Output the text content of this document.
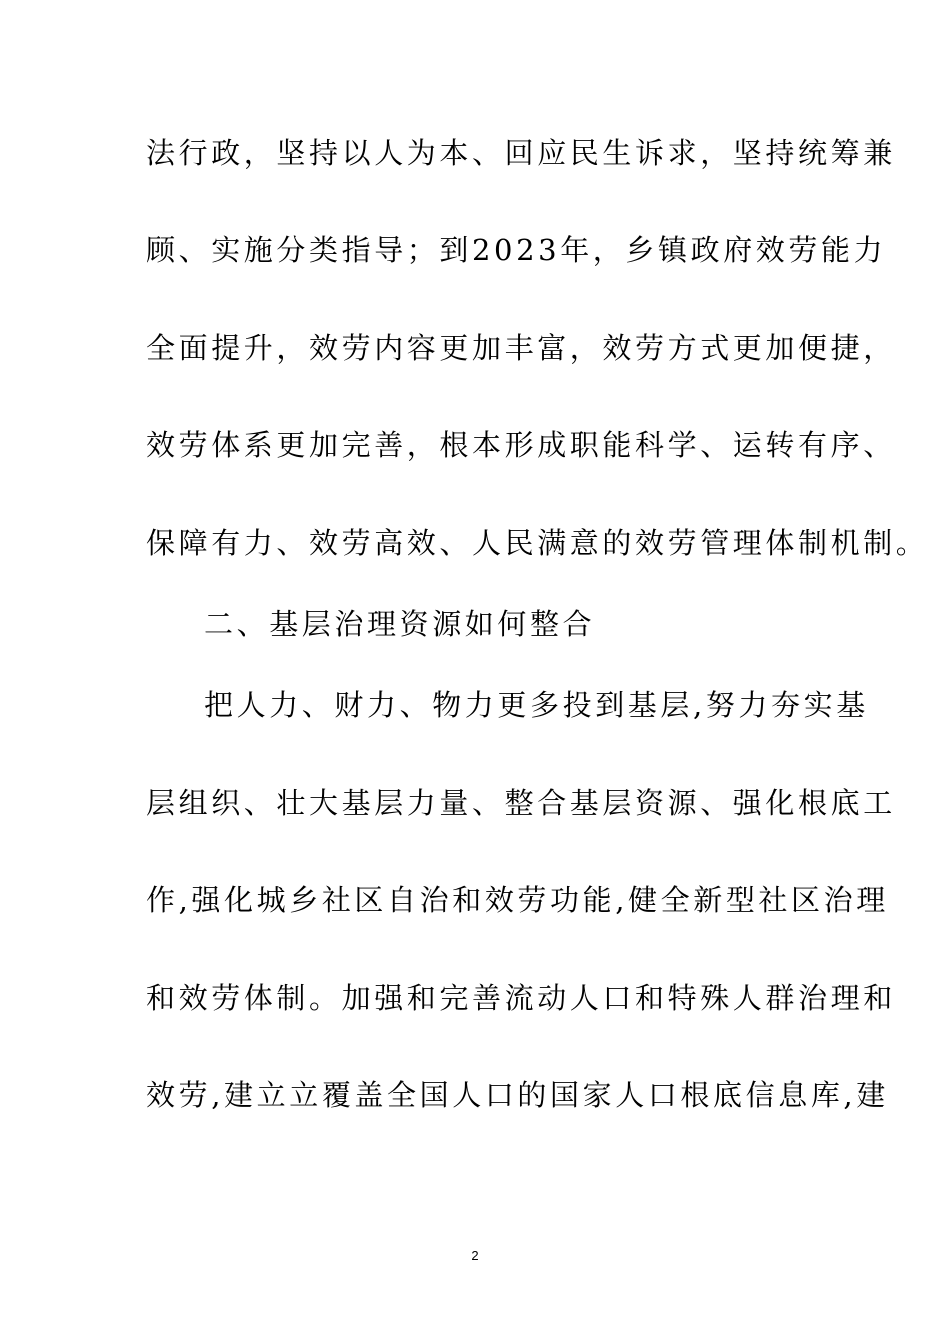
法行政，坚持以人为本、回应民生诉求，坚持统筹兼
顾、实施分类指导；到2023年，乡镇政府效劳能力
全面提升，效劳内容更加丰富，效劳方式更加便捷，
效劳体系更加完善，根本形成职能科学、运转有序、
保障有力、效劳高效、人民满意的效劳管理体制机制。
二、基层治理资源如何整合
把人力、财力、物力更多投到基层,努力夯实基
层组织、壮大基层力量、整合基层资源、强化根底工
作,强化城乡社区自治和效劳功能,健全新型社区治理
和效劳体制。加强和完善流动人口和特殊人群治理和
效劳,建立立覆盖全国人口的国家人口根底信息库,建
2
